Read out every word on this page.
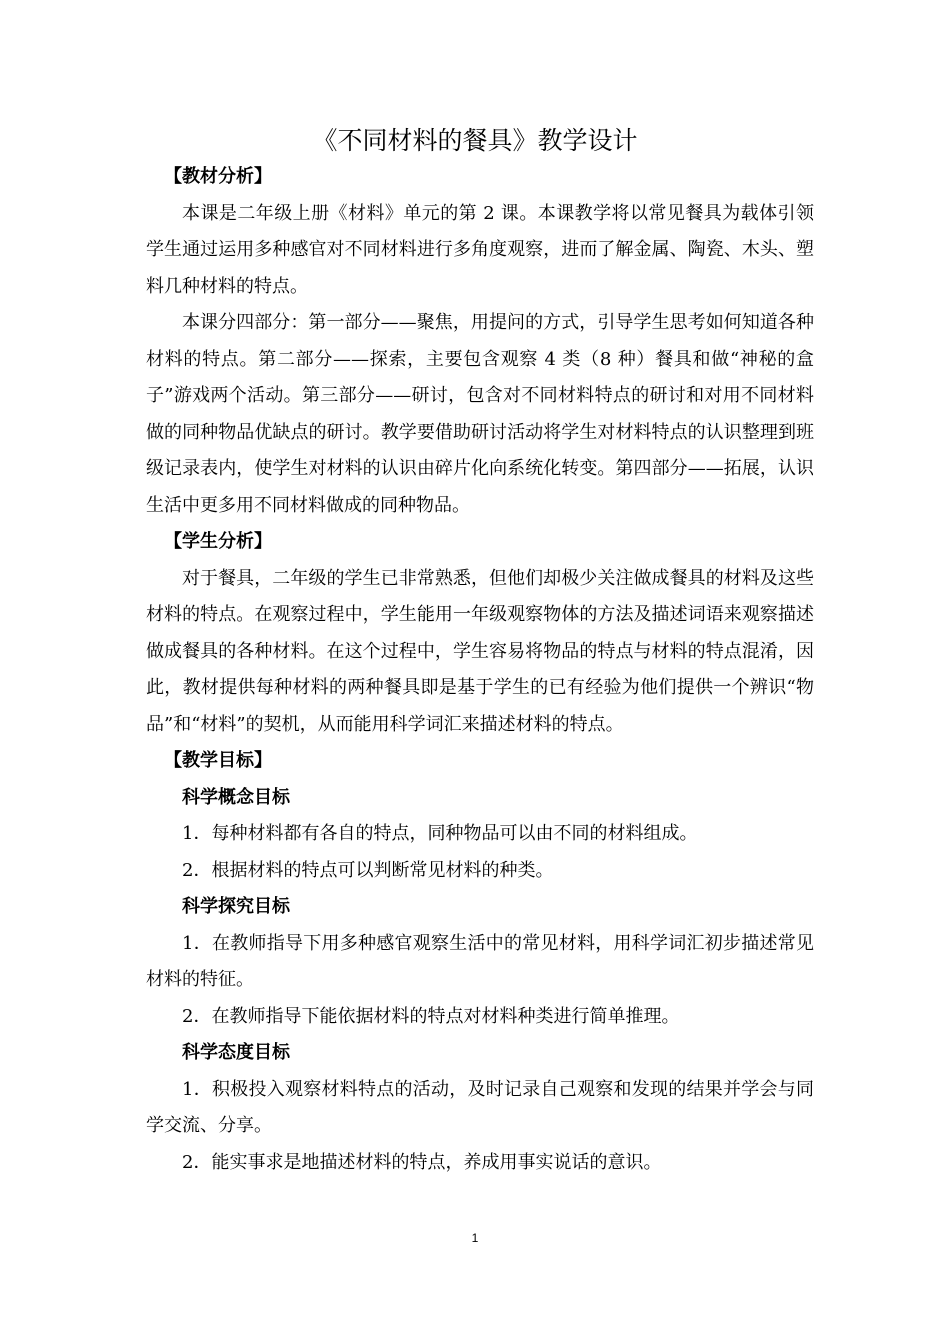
《不同材料的餐具》教学设计

【教材分析】

本课是二年级上册《材料》单元的第 2 课。本课教学将以常见餐具为载体引领学生通过运用多种感官对不同材料进行多角度观察，进而了解金属、陶瓷、木头、塑料几种材料的特点。

本课分四部分：第一部分——聚焦，用提问的方式，引导学生思考如何知道各种材料的特点。第二部分——探索，主要包含观察 4 类（8 种）餐具和做“神秘的盒子”游戏两个活动。第三部分——研讨，包含对不同材料特点的研讨和对用不同材料做的同种物品优缺点的研讨。教学要借助研讨活动将学生对材料特点的认识整理到班级记录表内，使学生对材料的认识由碎片化向系统化转变。第四部分——拓展，认识生活中更多用不同材料做成的同种物品。

【学生分析】

对于餐具，二年级的学生已非常熟悉，但他们却极少关注做成餐具的材料及这些材料的特点。在观察过程中，学生能用一年级观察物体的方法及描述词语来观察描述做成餐具的各种材料。在这个过程中，学生容易将物品的特点与材料的特点混淆，因此，教材提供每种材料的两种餐具即是基于学生的已有经验为他们提供一个辨识“物品”和“材料”的契机，从而能用科学词汇来描述材料的特点。

【教学目标】

科学概念目标

1．每种材料都有各自的特点，同种物品可以由不同的材料组成。

2．根据材料的特点可以判断常见材料的种类。

科学探究目标

1．在教师指导下用多种感官观察生活中的常见材料，用科学词汇初步描述常见材料的特征。

2．在教师指导下能依据材料的特点对材料种类进行简单推理。

科学态度目标

1．积极投入观察材料特点的活动，及时记录自己观察和发现的结果并学会与同学交流、分享。

2．能实事求是地描述材料的特点，养成用事实说话的意识。

1
